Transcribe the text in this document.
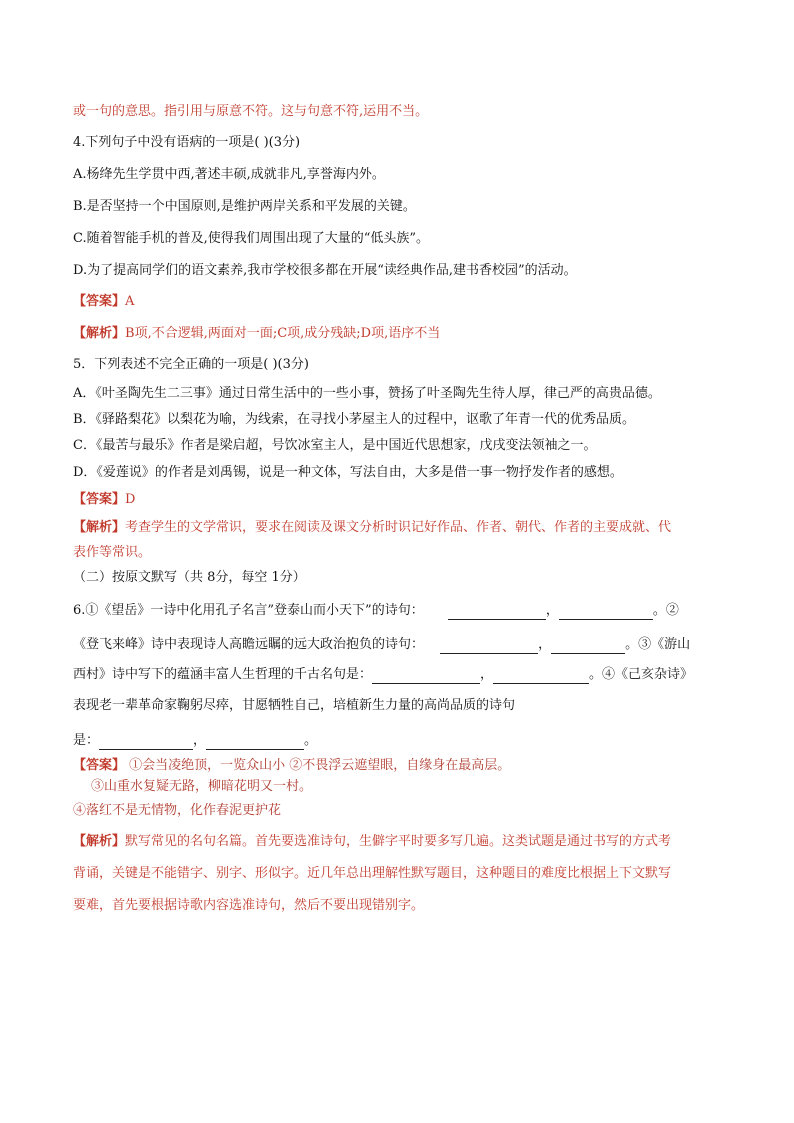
或一句的意思。指引用与原意不符。这与句意不符,运用不当。
4.下列句子中没有语病的一项是( )(3分)
A.杨绛先生学贯中西,著述丰硕,成就非凡,享誉海内外。
B.是否坚持一个中国原则,是维护两岸关系和平发展的关键。
C.随着智能手机的普及,使得我们周围出现了大量的“低头族”。
D.为了提高同学们的语文素养,我市学校很多都在开展“读经典作品,建书香校园”的活动。
【答案】A
【解析】B项,不合逻辑,两面对一面;C项,成分残缺;D项,语序不当
5．下列表述不完全正确的一项是( )(3分)
A．《叶圣陶先生二三事》通过日常生活中的一些小事，赞扬了叶圣陶先生待人厚，律己严的高贵品德。
B．《驿路梨花》以梨花为喻，为线索，在寻找小茅屋主人的过程中，讴歌了年青一代的优秀品质。
C．《最苦与最乐》作者是梁启超，号饮冰室主人，是中国近代思想家，戊戌变法领袖之一。
D．《爱莲说》的作者是刘禹锡，说是一种文体，写法自由，大多是借一事一物抒发作者的感想。
【答案】D
【解析】考查学生的文学常识，要求在阅读及课文分析时识记好作品、作者、朝代、作者的主要成就、代
表作等常识。
（二）按原文默写（共 8分，每空 1分）
6.①《望岳》一诗中化用孔子名言”登泰山而小天下”的诗句：	，	。②
《登飞来峰》诗中表现诗人高瞻远瞩的远大政治抱负的诗句：	，	。③《游山
西村》诗中写下的蕴涵丰富人生哲理的千古名句是：	，	。④《己亥杂诗》
表现老一辈革命家鞠躬尽瘁，甘愿牺牲自己，培植新生力量的高尚品质的诗句
是：	，	。
【答案】 ①会当凌绝顶，一览众山小 ②不畏浮云遮望眼，自缘身在最高层。
③山重水复疑无路，柳暗花明又一村。
④落红不是无情物，化作春泥更护花
【解析】默写常见的名句名篇。首先要选准诗句，生僻字平时要多写几遍。这类试题是通过书写的方式考
背诵，关键是不能错字、别字、形似字。近几年总出理解性默写题目，这种题目的难度比根据上下文默写
要难，首先要根据诗歌内容选准诗句，然后不要出现错别字。
